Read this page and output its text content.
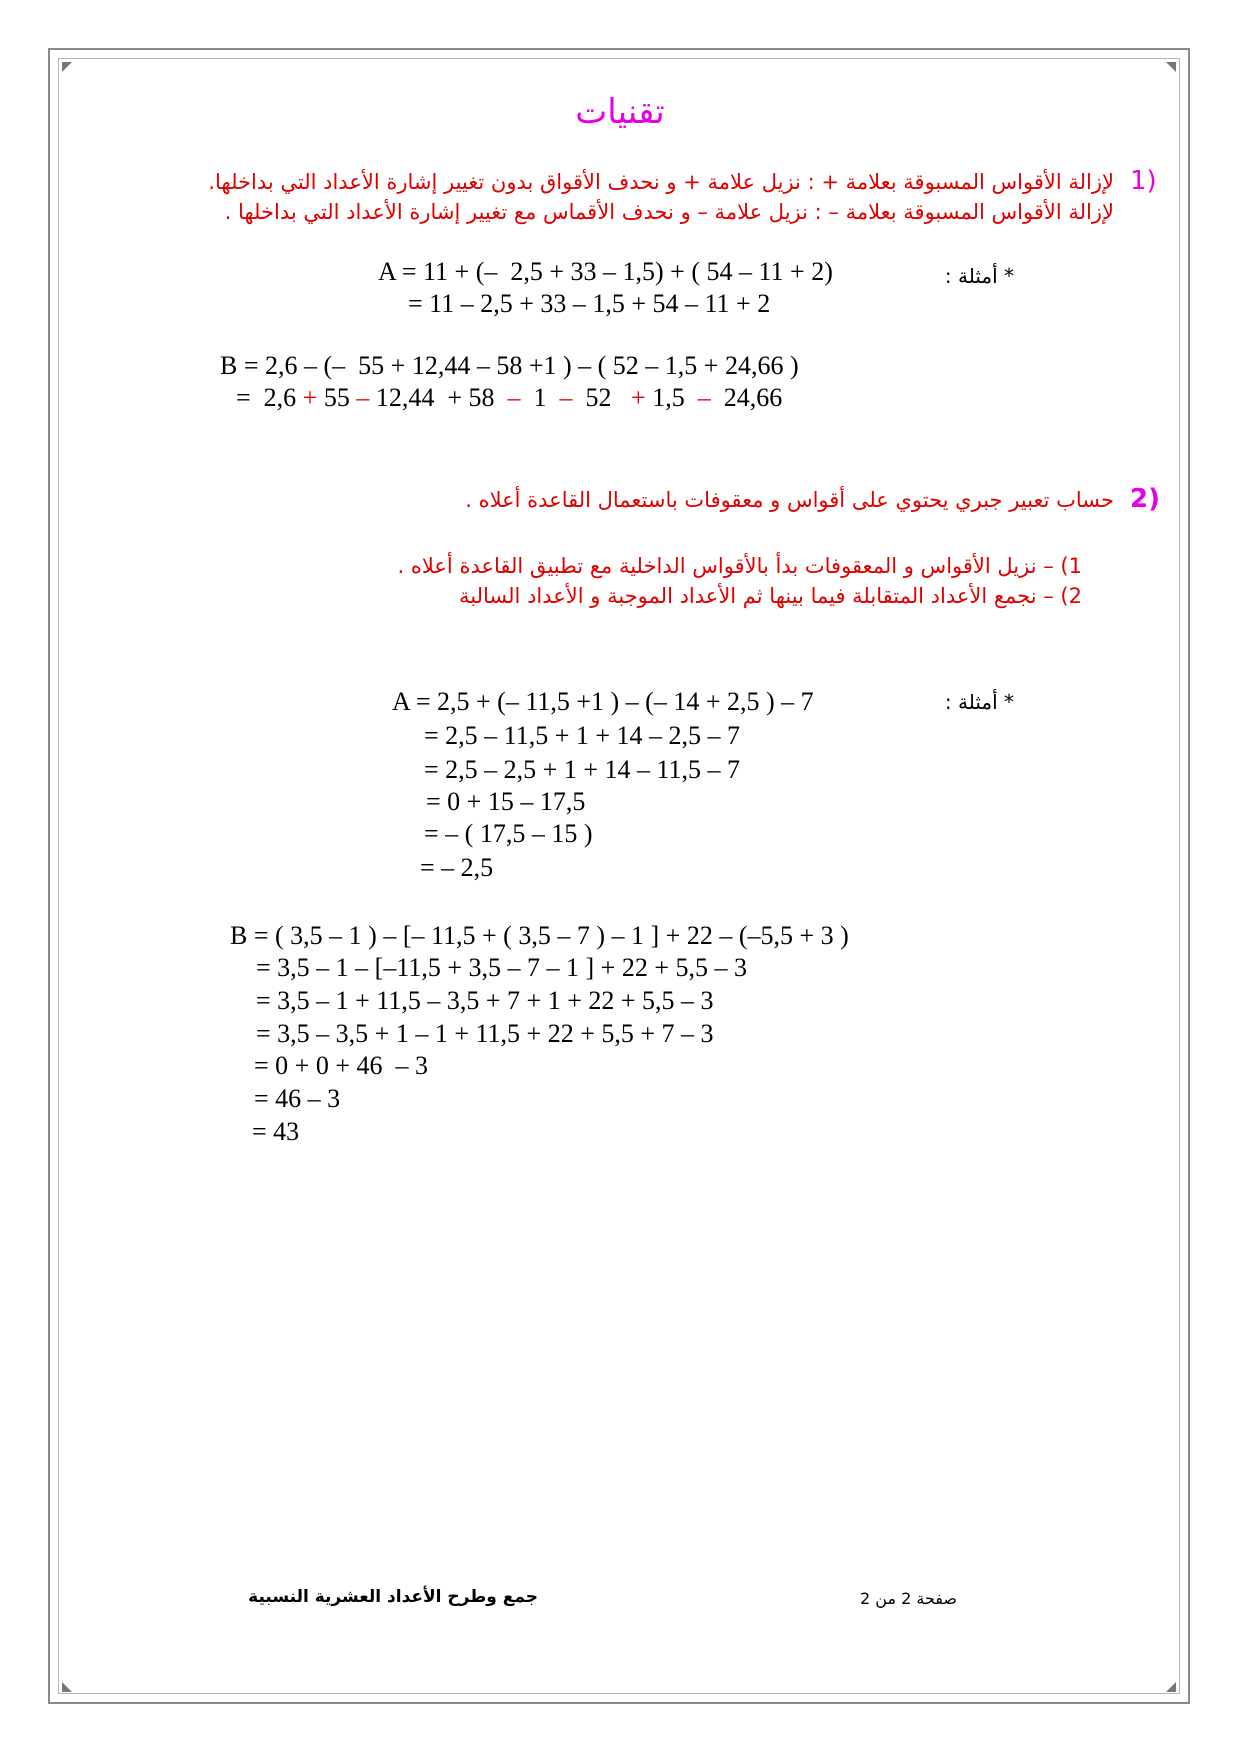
تقنيات
1)
لإزالة الأقواس المسبوقة بعلامة + : نزيل علامة + و نحدف الأقواق بدون تغيير إشارة الأعداد التي بداخلها.
لإزالة الأقواس المسبوقة بعلامة – : نزيل علامة – و نحدف الأقماس مع تغيير إشارة الأعداد التي بداخلها .
* أمثلة :
A = 11 + (–  2,5 + 33 – 1,5) + ( 54 – 11 + 2)
= 11 – 2,5 + 33 – 1,5 + 54 – 11 + 2
B = 2,6 – (–  55 + 12,44 – 58 +1 ) – ( 52 – 1,5 + 24,66 )
=  2,6 + 55 – 12,44  + 58  –  1  –  52   + 1,5  –  24,66
2)
حساب تعبير جبري يحتوي على أقواس و معقوفات باستعمال القاعدة أعلاه .
1) – نزيل الأقواس و المعقوفات بدأ بالأقواس الداخلية مع تطبيق القاعدة أعلاه .
2) – نجمع الأعداد المتقابلة فيما بينها ثم الأعداد الموجبة و الأعداد السالبة
* أمثلة :
A = 2,5 + (– 11,5 +1 ) – (– 14 + 2,5 ) – 7
= 2,5 – 11,5 + 1 + 14 – 2,5 – 7
= 2,5 – 2,5 + 1 + 14 – 11,5 – 7
= 0 + 15 – 17,5
= – ( 17,5 – 15 )
= – 2,5
B = ( 3,5 – 1 ) – [– 11,5 + ( 3,5 – 7 ) – 1 ] + 22 – (–5,5 + 3 )
= 3,5 – 1 – [–11,5 + 3,5 – 7 – 1 ] + 22 + 5,5 – 3
= 3,5 – 1 + 11,5 – 3,5 + 7 + 1 + 22 + 5,5 – 3
= 3,5 – 3,5 + 1 – 1 + 11,5 + 22 + 5,5 + 7 – 3
= 0 + 0 + 46  – 3
= 46 – 3
= 43
جمع وطرح الأعداد العشرية النسبية	صفحة 2 من 2
